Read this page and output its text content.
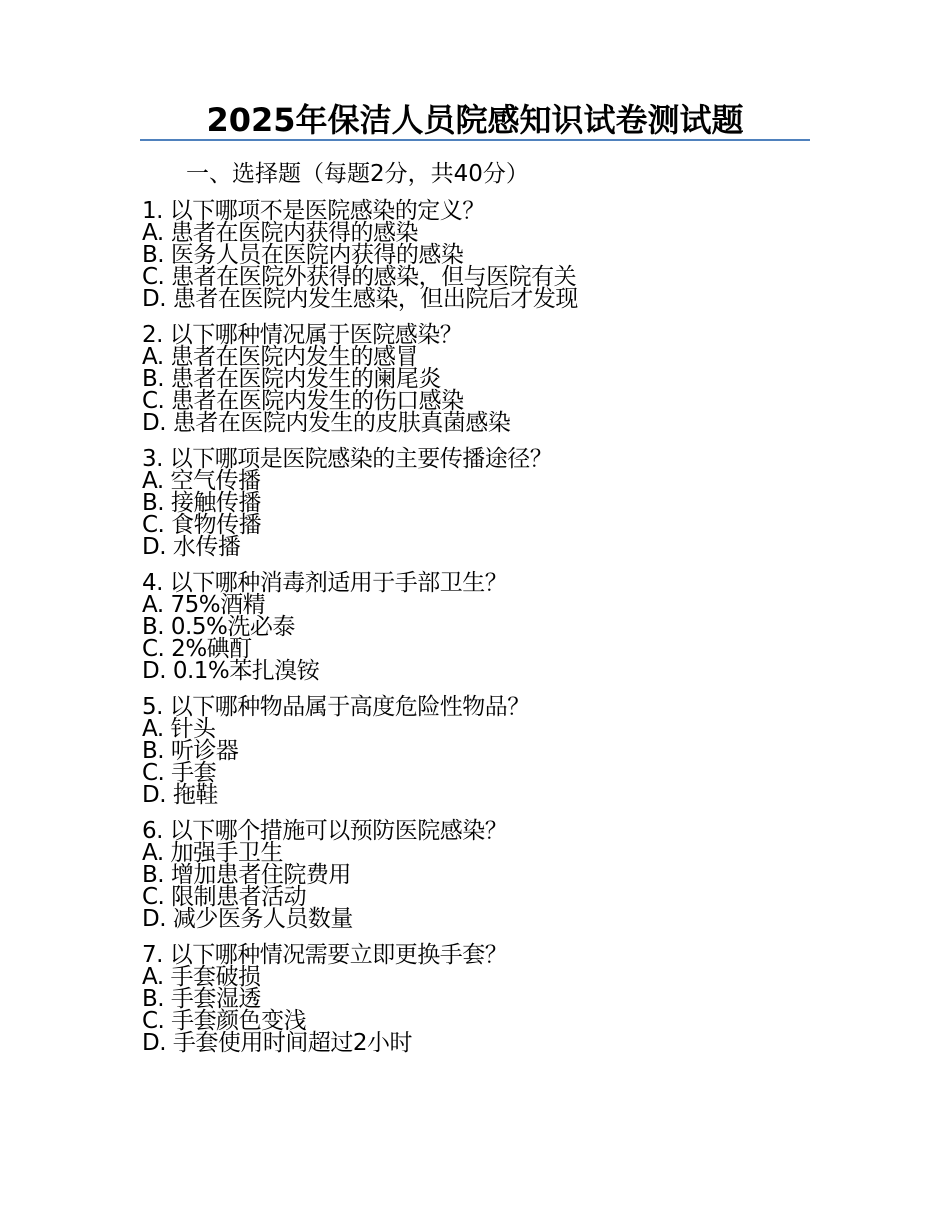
2025年保洁人员院感知识试卷测试题
一、选择题（每题2分，共40分）
1. 以下哪项不是医院感染的定义？
A. 患者在医院内获得的感染
B. 医务人员在医院内获得的感染
C. 患者在医院外获得的感染，但与医院有关
D. 患者在医院内发生感染，但出院后才发现
2. 以下哪种情况属于医院感染？
A. 患者在医院内发生的感冒
B. 患者在医院内发生的阑尾炎
C. 患者在医院内发生的伤口感染
D. 患者在医院内发生的皮肤真菌感染
3. 以下哪项是医院感染的主要传播途径？
A. 空气传播
B. 接触传播
C. 食物传播
D. 水传播
4. 以下哪种消毒剂适用于手部卫生？
A. 75%酒精
B. 0.5%洗必泰
C. 2%碘酊
D. 0.1%苯扎溴铵
5. 以下哪种物品属于高度危险性物品？
A. 针头
B. 听诊器
C. 手套
D. 拖鞋
6. 以下哪个措施可以预防医院感染？
A. 加强手卫生
B. 增加患者住院费用
C. 限制患者活动
D. 减少医务人员数量
7. 以下哪种情况需要立即更换手套？
A. 手套破损
B. 手套湿透
C. 手套颜色变浅
D. 手套使用时间超过2小时
